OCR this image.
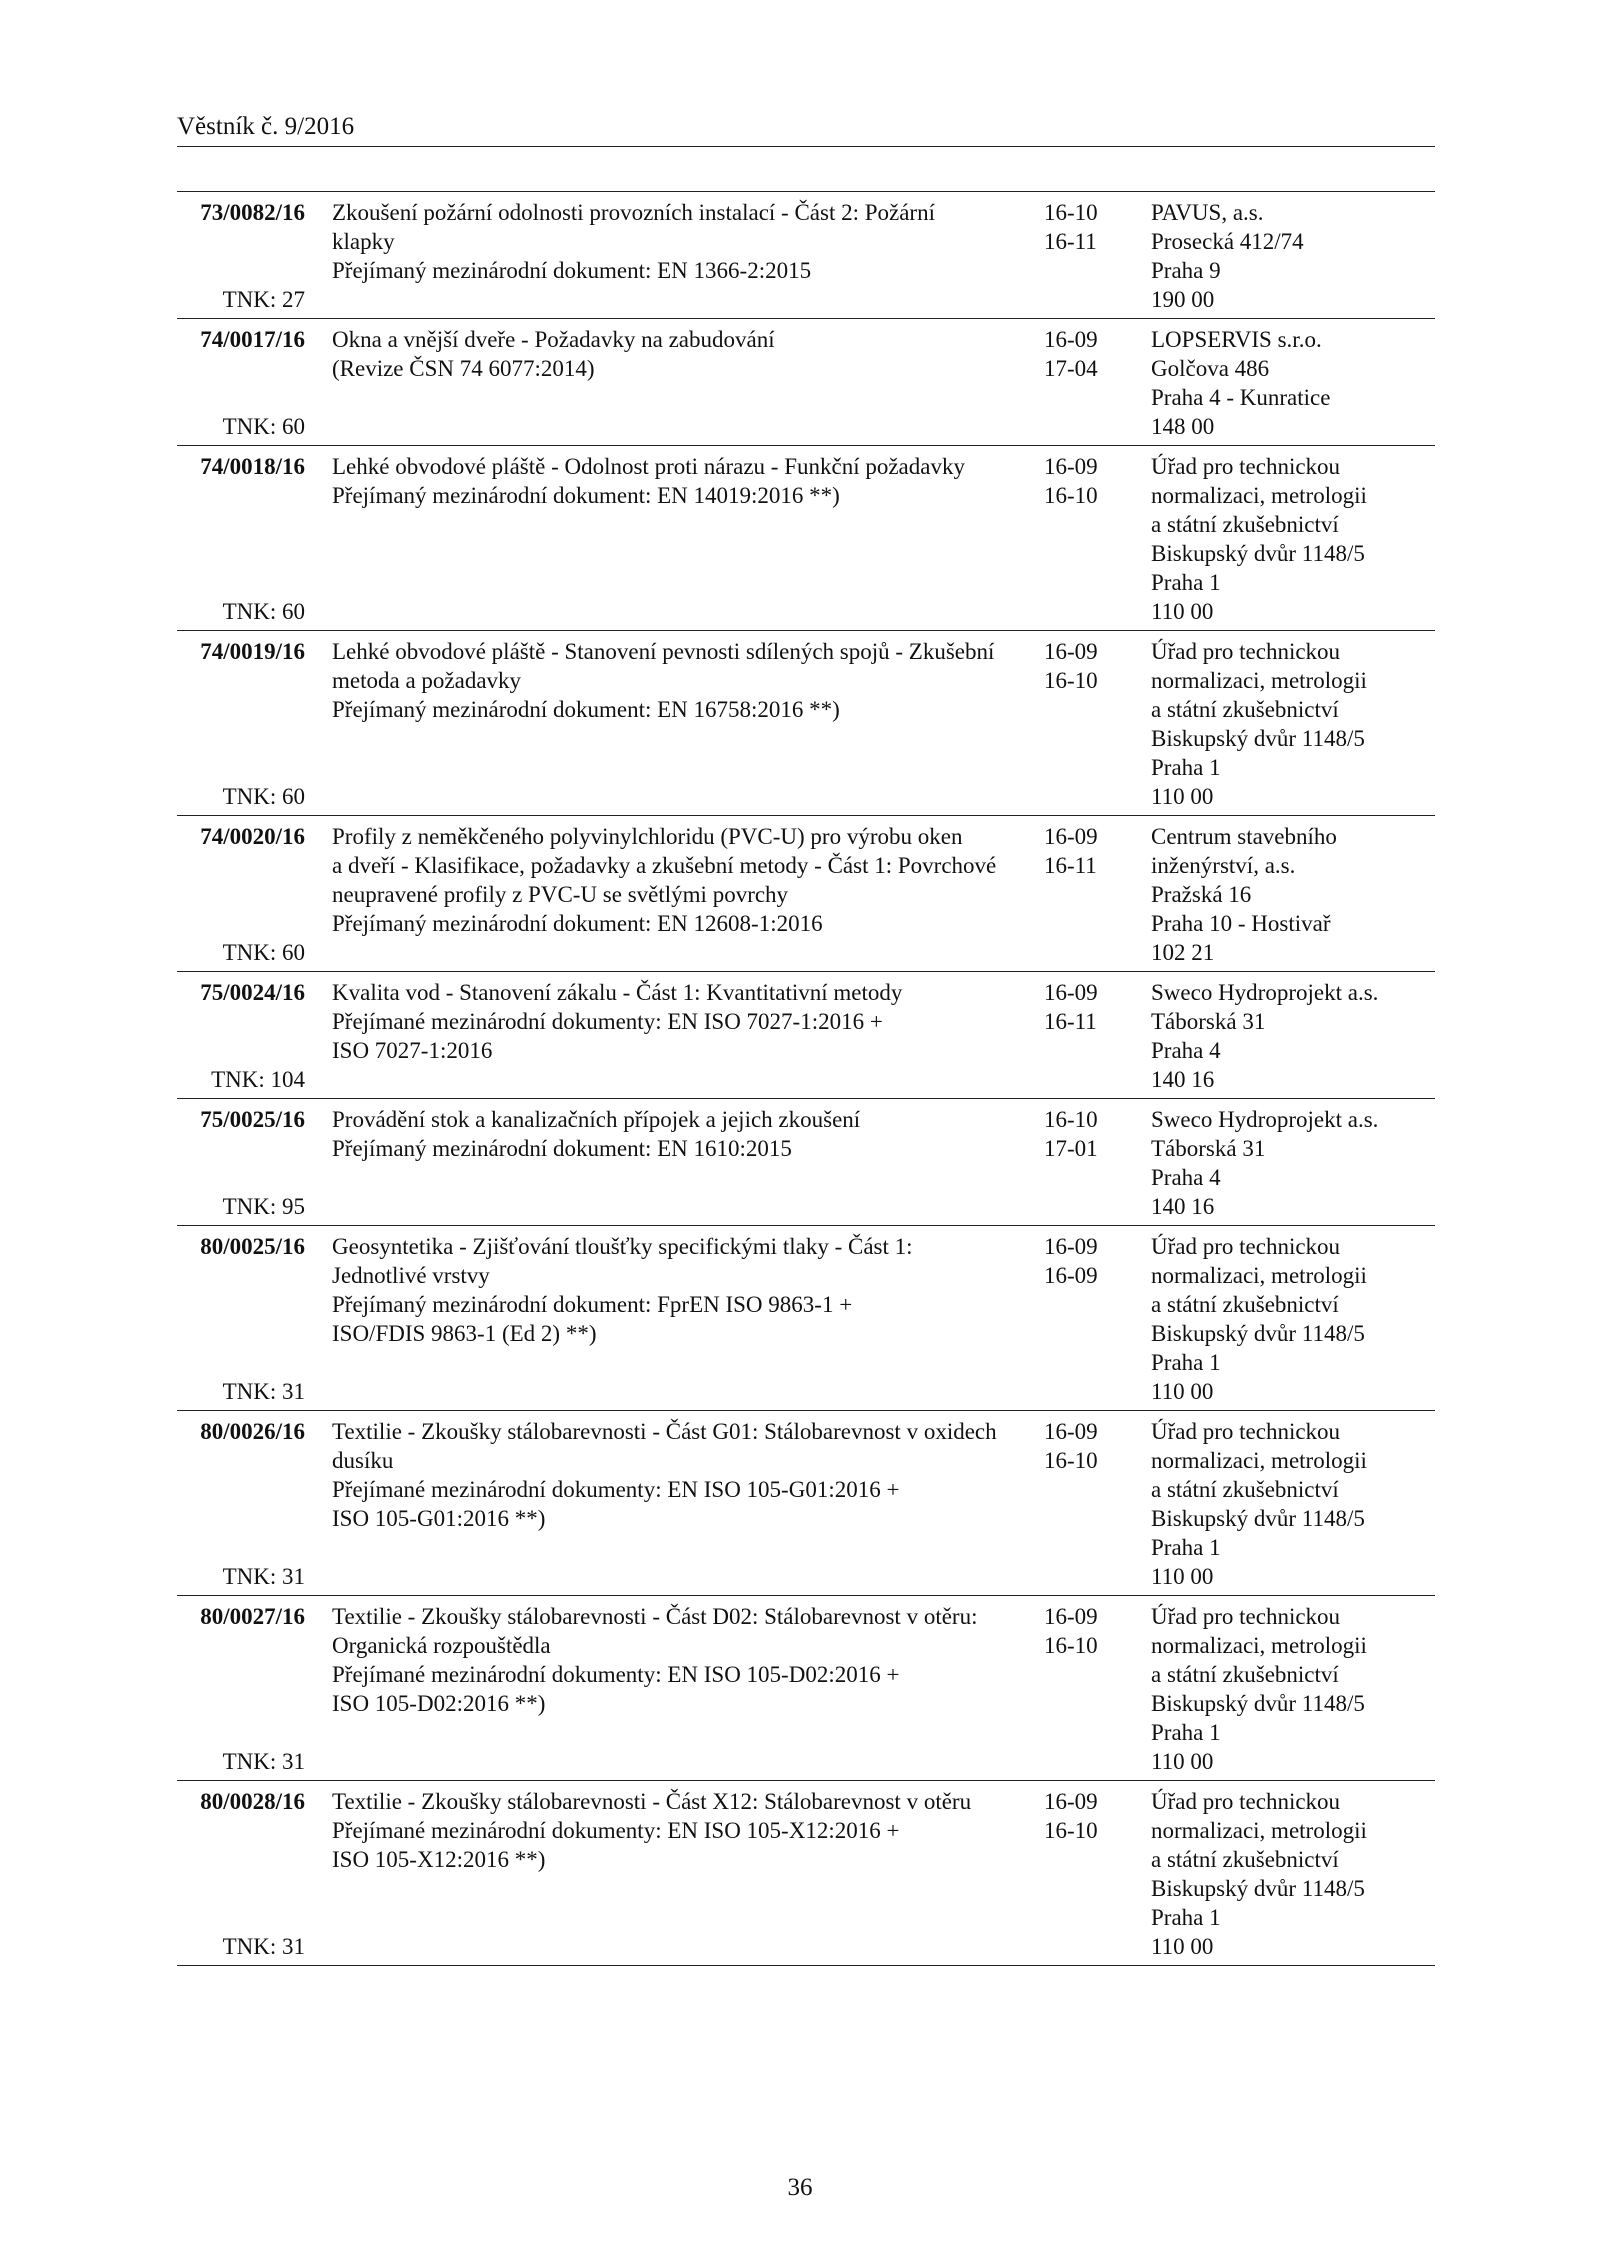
Věstník č. 9/2016
73/0082/16
TNK: 27
Zkoušení požární odolnosti provozních instalací - Část 2: Požární
klapky
Přejímaný mezinárodní dokument: EN 1366-2:2015
16-10
16-11
PAVUS, a.s.
Prosecká 412/74
Praha 9
190 00
74/0017/16
TNK: 60
Okna a vnější dveře - Požadavky na zabudování
(Revize ČSN 74 6077:2014)
16-09
17-04
LOPSERVIS s.r.o.
Golčova 486
Praha 4 - Kunratice
148 00
74/0018/16
TNK: 60
Lehké obvodové pláště - Odolnost proti nárazu - Funkční požadavky
Přejímaný mezinárodní dokument: EN 14019:2016 **)
16-09
16-10
Úřad pro technickou
normalizaci, metrologii
a státní zkušebnictví
Biskupský dvůr 1148/5
Praha 1
110 00
74/0019/16
TNK: 60
Lehké obvodové pláště - Stanovení pevnosti sdílených spojů - Zkušební
metoda a požadavky
Přejímaný mezinárodní dokument: EN 16758:2016 **)
16-09
16-10
Úřad pro technickou
normalizaci, metrologii
a státní zkušebnictví
Biskupský dvůr 1148/5
Praha 1
110 00
74/0020/16
TNK: 60
Profily z neměkčeného polyvinylchloridu (PVC-U) pro výrobu oken
a dveří - Klasifikace, požadavky a zkušební metody - Část 1: Povrchové
neupravené profily z PVC-U se světlými povrchy
Přejímaný mezinárodní dokument: EN 12608-1:2016
16-09
16-11
Centrum stavebního
inženýrství, a.s.
Pražská 16
Praha 10 - Hostivař
102 21
75/0024/16
TNK: 104
Kvalita vod - Stanovení zákalu - Část 1: Kvantitativní metody
Přejímané mezinárodní dokumenty: EN ISO 7027-1:2016 +
ISO 7027-1:2016
16-09
16-11
Sweco Hydroprojekt a.s.
Táborská 31
Praha 4
140 16
75/0025/16
TNK: 95
Provádění stok a kanalizačních přípojek a jejich zkoušení
Přejímaný mezinárodní dokument: EN 1610:2015
16-10
17-01
Sweco Hydroprojekt a.s.
Táborská 31
Praha 4
140 16
80/0025/16
TNK: 31
Geosyntetika - Zjišťování tloušťky specifickými tlaky - Část 1:
Jednotlivé vrstvy
Přejímaný mezinárodní dokument: FprEN ISO 9863-1 +
ISO/FDIS 9863-1 (Ed 2) **)
16-09
16-09
Úřad pro technickou
normalizaci, metrologii
a státní zkušebnictví
Biskupský dvůr 1148/5
Praha 1
110 00
80/0026/16
TNK: 31
Textilie - Zkoušky stálobarevnosti - Část G01: Stálobarevnost v oxidech
dusíku
Přejímané mezinárodní dokumenty: EN ISO 105-G01:2016 +
ISO 105-G01:2016 **)
16-09
16-10
Úřad pro technickou
normalizaci, metrologii
a státní zkušebnictví
Biskupský dvůr 1148/5
Praha 1
110 00
80/0027/16
TNK: 31
Textilie - Zkoušky stálobarevnosti - Část D02: Stálobarevnost v otěru:
Organická rozpouštědla
Přejímané mezinárodní dokumenty: EN ISO 105-D02:2016 +
ISO 105-D02:2016 **)
16-09
16-10
Úřad pro technickou
normalizaci, metrologii
a státní zkušebnictví
Biskupský dvůr 1148/5
Praha 1
110 00
80/0028/16
TNK: 31
Textilie - Zkoušky stálobarevnosti - Část X12: Stálobarevnost v otěru
Přejímané mezinárodní dokumenty: EN ISO 105-X12:2016 +
ISO 105-X12:2016 **)
16-09
16-10
Úřad pro technickou
normalizaci, metrologii
a státní zkušebnictví
Biskupský dvůr 1148/5
Praha 1
110 00
36
